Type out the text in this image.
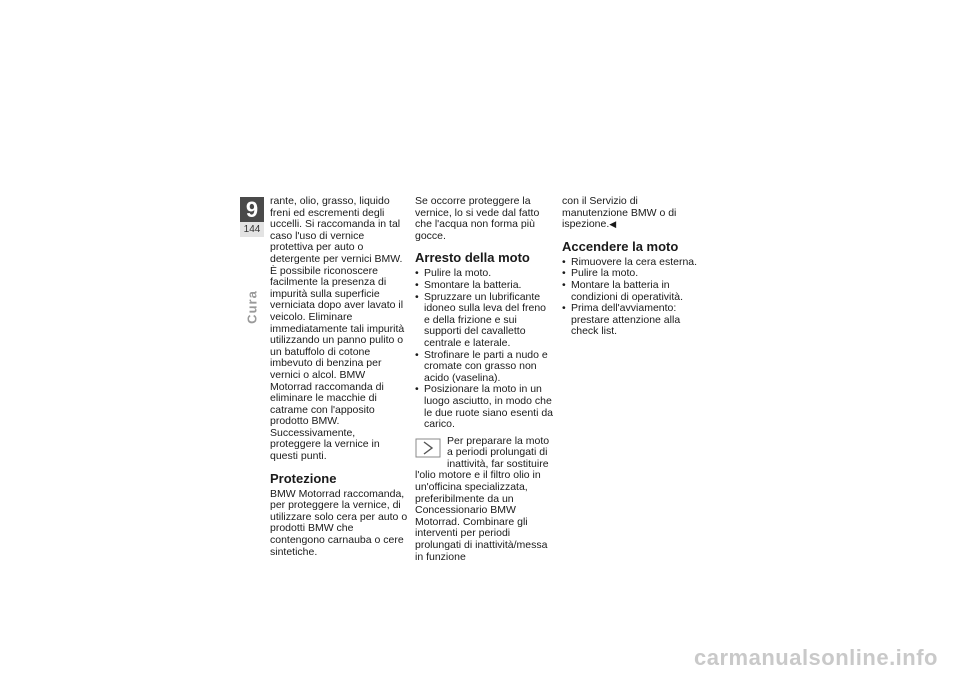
9
144
Cura

rante, olio, grasso, liquido freni ed escrementi degli uccelli. Si raccomanda in tal caso l'uso di vernice protettiva per auto o detergente per vernici BMW.

È possibile riconoscere facilmente la presenza di impurità sulla superficie verniciata dopo aver lavato il veicolo. Eliminare immediatamente tali impurità utilizzando un panno pulito o un batuffolo di cotone imbevuto di benzina per vernici o alcol. BMW Motorrad raccomanda di eliminare le macchie di catrame con l'apposito prodotto BMW. Successivamente, proteggere la vernice in questi punti.

Protezione

BMW Motorrad raccomanda, per proteggere la vernice, di utilizzare solo cera per auto o prodotti BMW che contengono carnauba o cere sintetiche.

Se occorre proteggere la vernice, lo si vede dal fatto che l'acqua non forma più gocce.

Arresto della moto
• Pulire la moto.
• Smontare la batteria.
• Spruzzare un lubrificante idoneo sulla leva del freno e della frizione e sui supporti del cavalletto centrale e laterale.
• Strofinare le parti a nudo e cromate con grasso non acido (vaselina).
• Posizionare la moto in un luogo asciutto, in modo che le due ruote siano esenti da carico.
Per preparare la moto a periodi prolungati di inattività, far sostituire l'olio motore e il filtro olio in un'officina specializzata, preferibilmente da un Concessionario BMW Motorrad. Combinare gli interventi per periodi prolungati di inattività/messa in funzione

con il Servizio di manutenzione BMW o di ispezione.◀

Accendere la moto
• Rimuovere la cera esterna.
• Pulire la moto.
• Montare la batteria in condizioni di operatività.
• Prima dell'avviamento: prestare attenzione alla check list.
carmanualsonline.info
